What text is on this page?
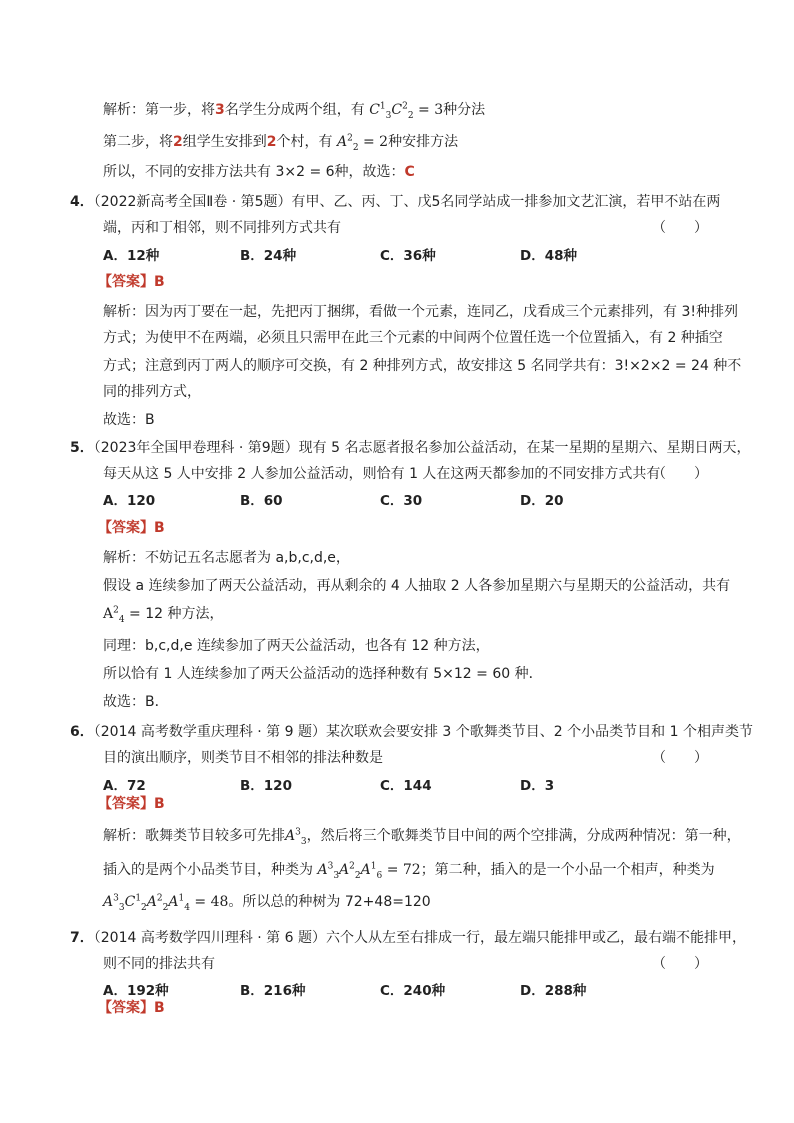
解析：第一步，将3名学生分成两个组，有 $C^1_3C^2_2 = 3$种分法
第二步，将2组学生安排到2个村，有 $A^2_2 = 2$种安排方法
所以，不同的安排方法共有 3×2 = 6种，故选：C
4．（2022新高考全国Ⅱ卷 · 第5题）有甲、乙、丙、丁、戊5名同学站成一排参加文艺汇演，若甲不站在两
端，丙和丁相邻，则不同排列方式共有	（　　）
A．12种	B．24种	C．36种	D．48种
【答案】B
解析：因为丙丁要在一起，先把丙丁捆绑，看做一个元素，连同乙，戊看成三个元素排列，有 3!种排列
方式；为使甲不在两端，必须且只需甲在此三个元素的中间两个位置任选一个位置插入，有 2 种插空
方式；注意到丙丁两人的顺序可交换，有 2 种排列方式，故安排这 5 名同学共有：3!×2×2 = 24 种不
同的排列方式，
故选：B
5．（2023年全国甲卷理科 · 第9题）现有 5 名志愿者报名参加公益活动，在某一星期的星期六、星期日两天，
每天从这 5 人中安排 2 人参加公益活动，则恰有 1 人在这两天都参加的不同安排方式共有
（　　）
A．120	B．60	C．30	D．20
【答案】B
解析：不妨记五名志愿者为 a,b,c,d,e，
假设 a 连续参加了两天公益活动，再从剩余的 4 人抽取 2 人各参加星期六与星期天的公益活动，共有
$A^2_4 = 12$ 种方法，
同理：b,c,d,e 连续参加了两天公益活动，也各有 12 种方法，
所以恰有 1 人连续参加了两天公益活动的选择种数有 5×12 = 60 种．
故选：B．
6．（2014 高考数学重庆理科 · 第 9 题）某次联欢会要安排 3 个歌舞类节目、2 个小品类节目和 1 个相声类节
目的演出顺序，则类节目不相邻的排法种数是	（　　）
A．72	B．120	C．144	D．3
【答案】B
解析：歌舞类节目较多可先排$A^3_3$，然后将三个歌舞类节目中间的两个空排满，分成两种情况：第一种，
插入的是两个小品类节目，种类为 $A^3_3A^2_2A^1_6 = 72$；第二种，插入的是一个小品一个相声，种类为
$A^3_3C^1_2A^2_2A^1_4 = 48$。所以总的种树为 72+48=120
7．（2014 高考数学四川理科 · 第 6 题）六个人从左至右排成一行，最左端只能排甲或乙，最右端不能排甲，
则不同的排法共有	（　　）
A．192种	B．216种	C．240种	D．288种
【答案】B
